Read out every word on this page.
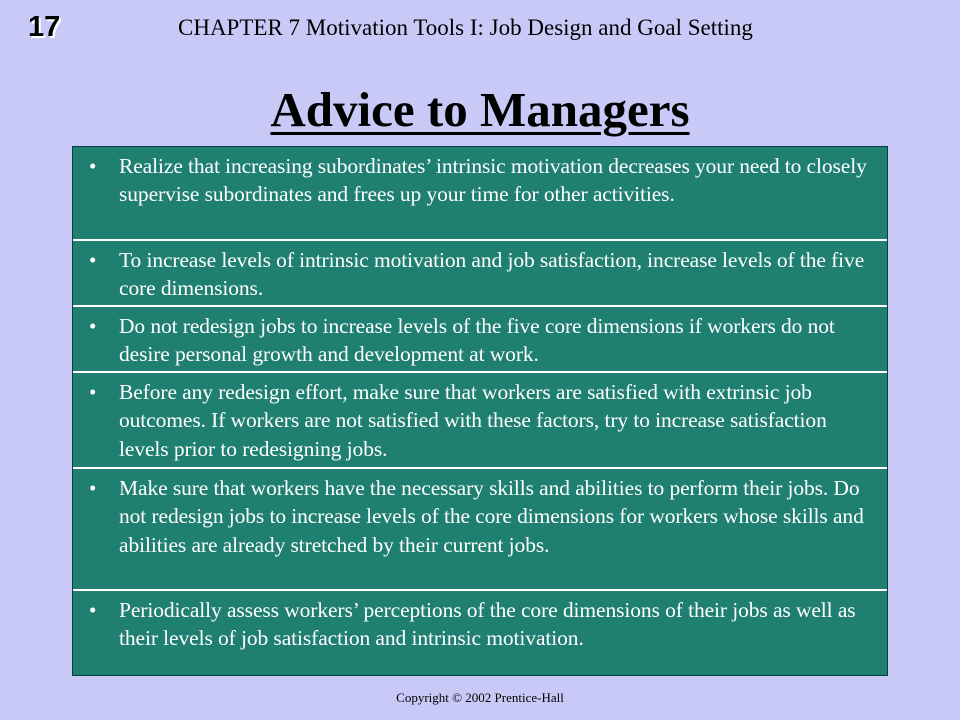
17	CHAPTER 7 Motivation Tools I: Job Design and Goal Setting
Advice to Managers
• Realize that increasing subordinates’ intrinsic motivation decreases your need to closely supervise subordinates and frees up your time for other activities.
• To increase levels of intrinsic motivation and job satisfaction, increase levels of the five core dimensions.
• Do not redesign jobs to increase levels of the five core dimensions if workers do not desire personal growth and development at work.
• Before any redesign effort, make sure that workers are satisfied with extrinsic job outcomes. If workers are not satisfied with these factors, try to increase satisfaction levels prior to redesigning jobs.
• Make sure that workers have the necessary skills and abilities to perform their jobs. Do not redesign jobs to increase levels of the core dimensions for workers whose skills and abilities are already stretched by their current jobs.
• Periodically assess workers’ perceptions of the core dimensions of their jobs as well as their levels of job satisfaction and intrinsic motivation.
Copyright © 2002 Prentice-Hall
